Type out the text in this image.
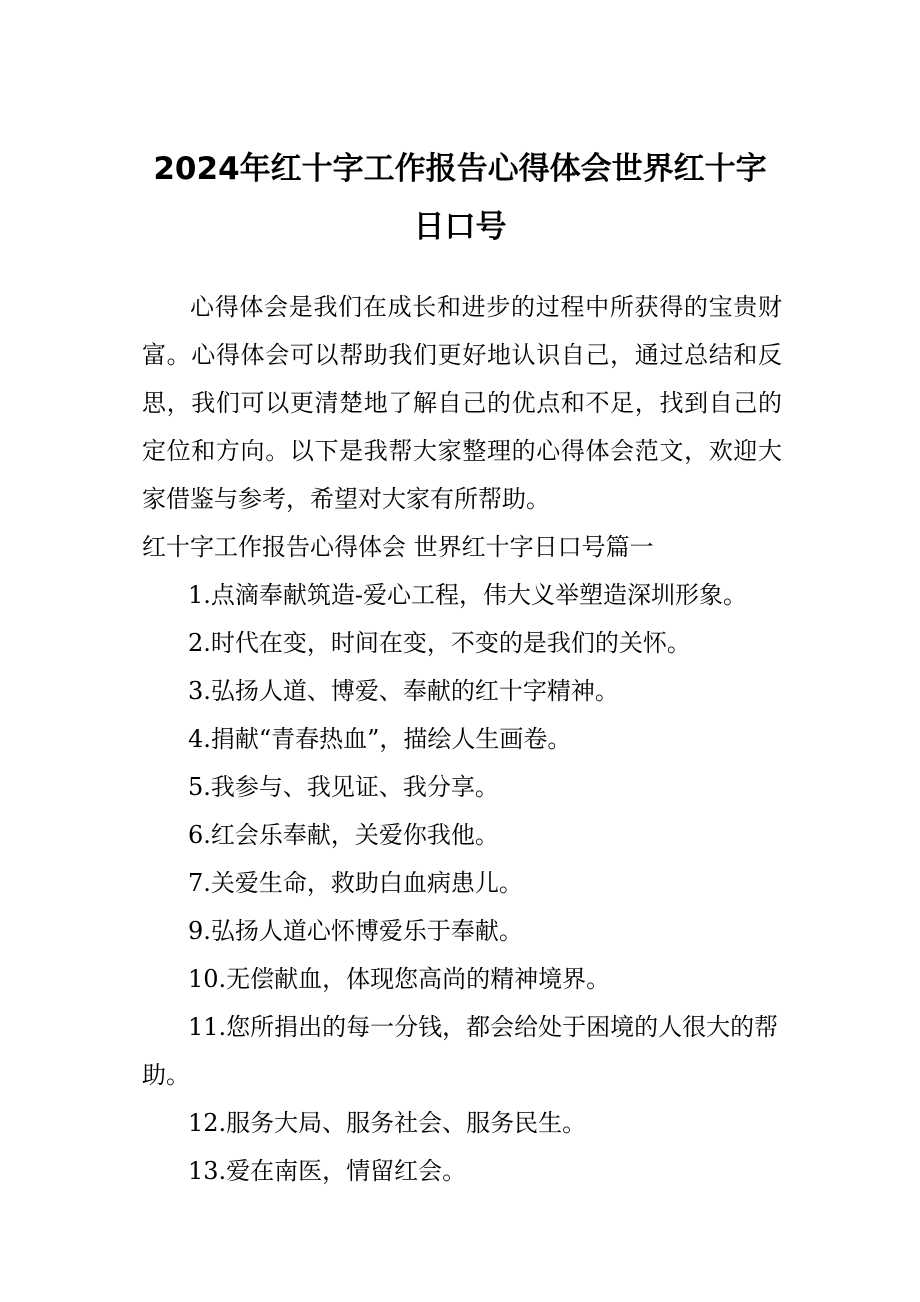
2024年红十字工作报告心得体会世界红十字日口号

心得体会是我们在成长和进步的过程中所获得的宝贵财富。心得体会可以帮助我们更好地认识自己，通过总结和反思，我们可以更清楚地了解自己的优点和不足，找到自己的定位和方向。以下是我帮大家整理的心得体会范文，欢迎大家借鉴与参考，希望对大家有所帮助。

红十字工作报告心得体会 世界红十字日口号篇一

1.点滴奉献筑造-爱心工程，伟大义举塑造深圳形象。
2.时代在变，时间在变，不变的是我们的关怀。
3.弘扬人道、博爱、奉献的红十字精神。
4.捐献“青春热血”，描绘人生画卷。
5.我参与、我见证、我分享。
6.红会乐奉献，关爱你我他。
7.关爱生命，救助白血病患儿。
9.弘扬人道心怀博爱乐于奉献。
10.无偿献血，体现您高尚的精神境界。
11.您所捐出的每一分钱，都会给处于困境的人很大的帮助。
12.服务大局、服务社会、服务民生。
13.爱在南医，情留红会。
